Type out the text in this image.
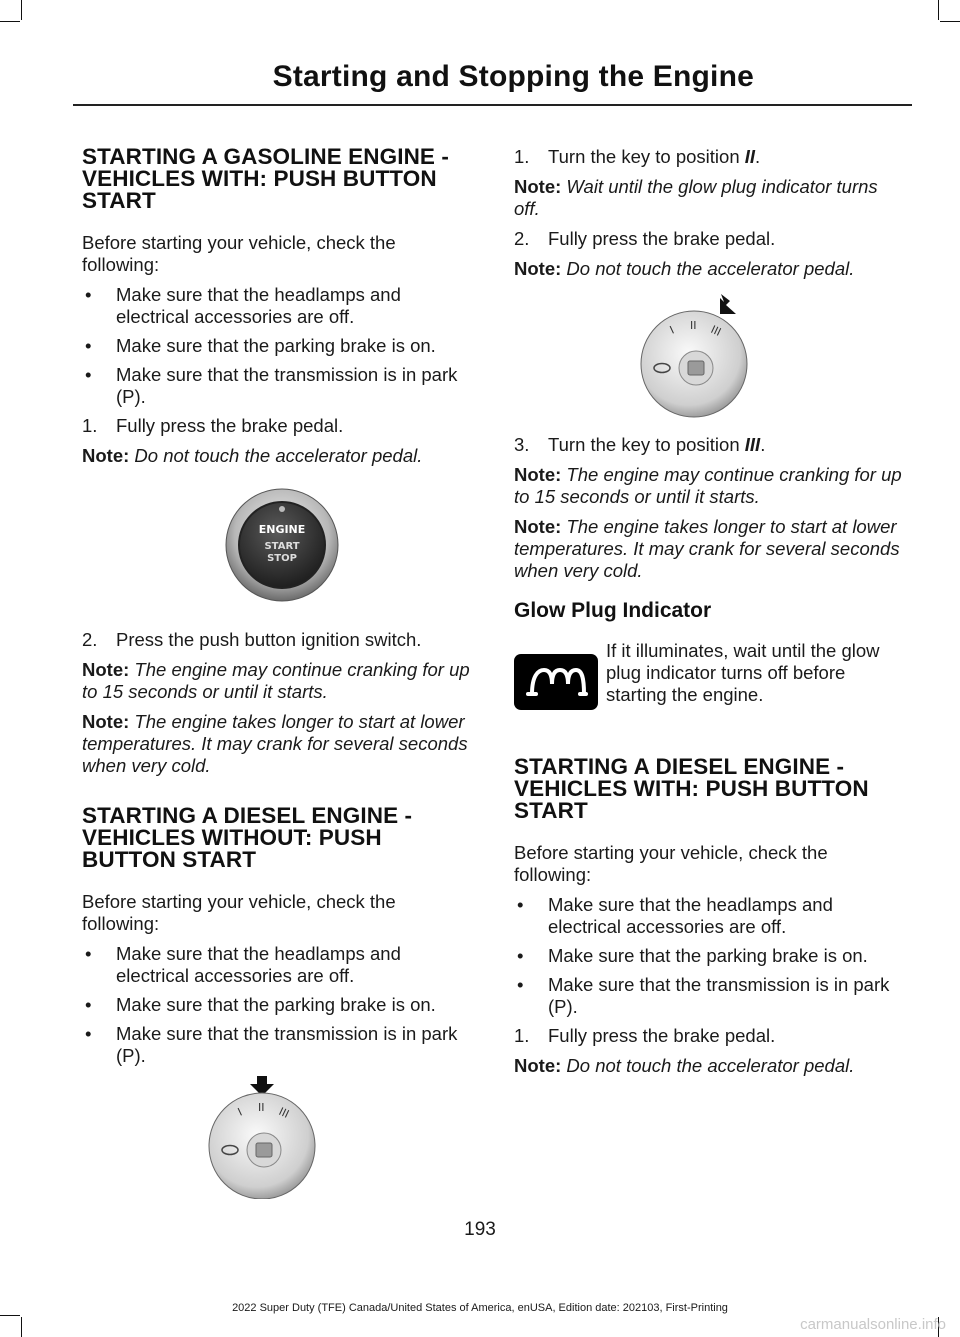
Starting and Stopping the Engine
STARTING A GASOLINE ENGINE - VEHICLES WITH: PUSH BUTTON START
Before starting your vehicle, check the following:
• Make sure that the headlamps and electrical accessories are off.
• Make sure that the parking brake is on.
• Make sure that the transmission is in park (P).
1. Fully press the brake pedal.
Note: Do not touch the accelerator pedal.
ENGINE
START
STOP
2. Press the push button ignition switch.
Note: The engine may continue cranking for up to 15 seconds or until it starts.
Note: The engine takes longer to start at lower temperatures. It may crank for several seconds when very cold.
STARTING A DIESEL ENGINE - VEHICLES WITHOUT: PUSH BUTTON START
Before starting your vehicle, check the following:
• Make sure that the headlamps and electrical accessories are off.
• Make sure that the parking brake is on.
• Make sure that the transmission is in park (P).
I II III
1. Turn the key to position II.
Note: Wait until the glow plug indicator turns off.
2. Fully press the brake pedal.
Note: Do not touch the accelerator pedal.
I II III
3. Turn the key to position III.
Note: The engine may continue cranking for up to 15 seconds or until it starts.
Note: The engine takes longer to start at lower temperatures. It may crank for several seconds when very cold.
Glow Plug Indicator
If it illuminates, wait until the glow plug indicator turns off before starting the engine.
STARTING A DIESEL ENGINE - VEHICLES WITH: PUSH BUTTON START
Before starting your vehicle, check the following:
• Make sure that the headlamps and electrical accessories are off.
• Make sure that the parking brake is on.
• Make sure that the transmission is in park (P).
1. Fully press the brake pedal.
Note: Do not touch the accelerator pedal.
193
2022 Super Duty (TFE) Canada/United States of America, enUSA, Edition date: 202103, First-Printing
carmanualsonline.info
